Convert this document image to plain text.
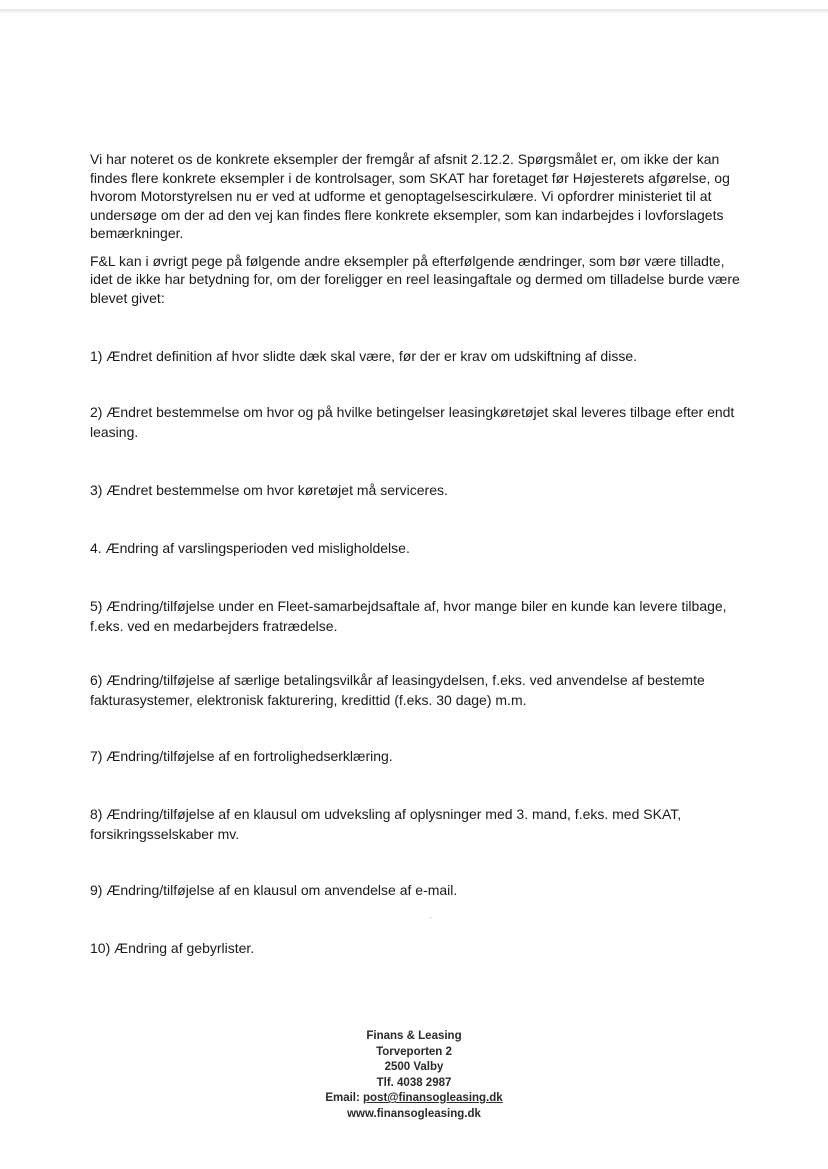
Vi har noteret os de konkrete eksempler der fremgår af afsnit 2.12.2. Spørgsmålet er, om ikke der kan findes flere konkrete eksempler i de kontrolsager, som SKAT har foretaget før Højesterets afgørelse, og hvorom Motorstyrelsen nu er ved at udforme et genoptagelsescirkulære. Vi opfordrer ministeriet til at undersøge om der ad den vej kan findes flere konkrete eksempler, som kan indarbejdes i lovforslagets bemærkninger.

F&L kan i øvrigt pege på følgende andre eksempler på efterfølgende ændringer, som bør være tilladte, idet de ikke har betydning for, om der foreligger en reel leasingaftale og dermed om tilladelse burde være blevet givet:

1) Ændret definition af hvor slidte dæk skal være, før der er krav om udskiftning af disse.
2) Ændret bestemmelse om hvor og på hvilke betingelser leasingkøretøjet skal leveres tilbage efter endt leasing.
3) Ændret bestemmelse om hvor køretøjet må serviceres.
4. Ændring af varslingsperioden ved misligholdelse.
5) Ændring/tilføjelse under en Fleet-samarbejdsaftale af, hvor mange biler en kunde kan levere tilbage, f.eks. ved en medarbejders fratrædelse.
6) Ændring/tilføjelse af særlige betalingsvilkår af leasingydelsen, f.eks. ved anvendelse af bestemte fakturasystemer, elektronisk fakturering, kredittid (f.eks. 30 dage) m.m.
7) Ændring/tilføjelse af en fortrolighedserklæring.
8) Ændring/tilføjelse af en klausul om udveksling af oplysninger med 3. mand, f.eks. med SKAT, forsikringsselskaber mv.
9) Ændring/tilføjelse af en klausul om anvendelse af e-mail.
10) Ændring af gebyrlister.
Finans & Leasing
Torveporten 2
2500 Valby
Tlf. 4038 2987
Email: post@finansogleasing.dk
www.finansogleasing.dk
